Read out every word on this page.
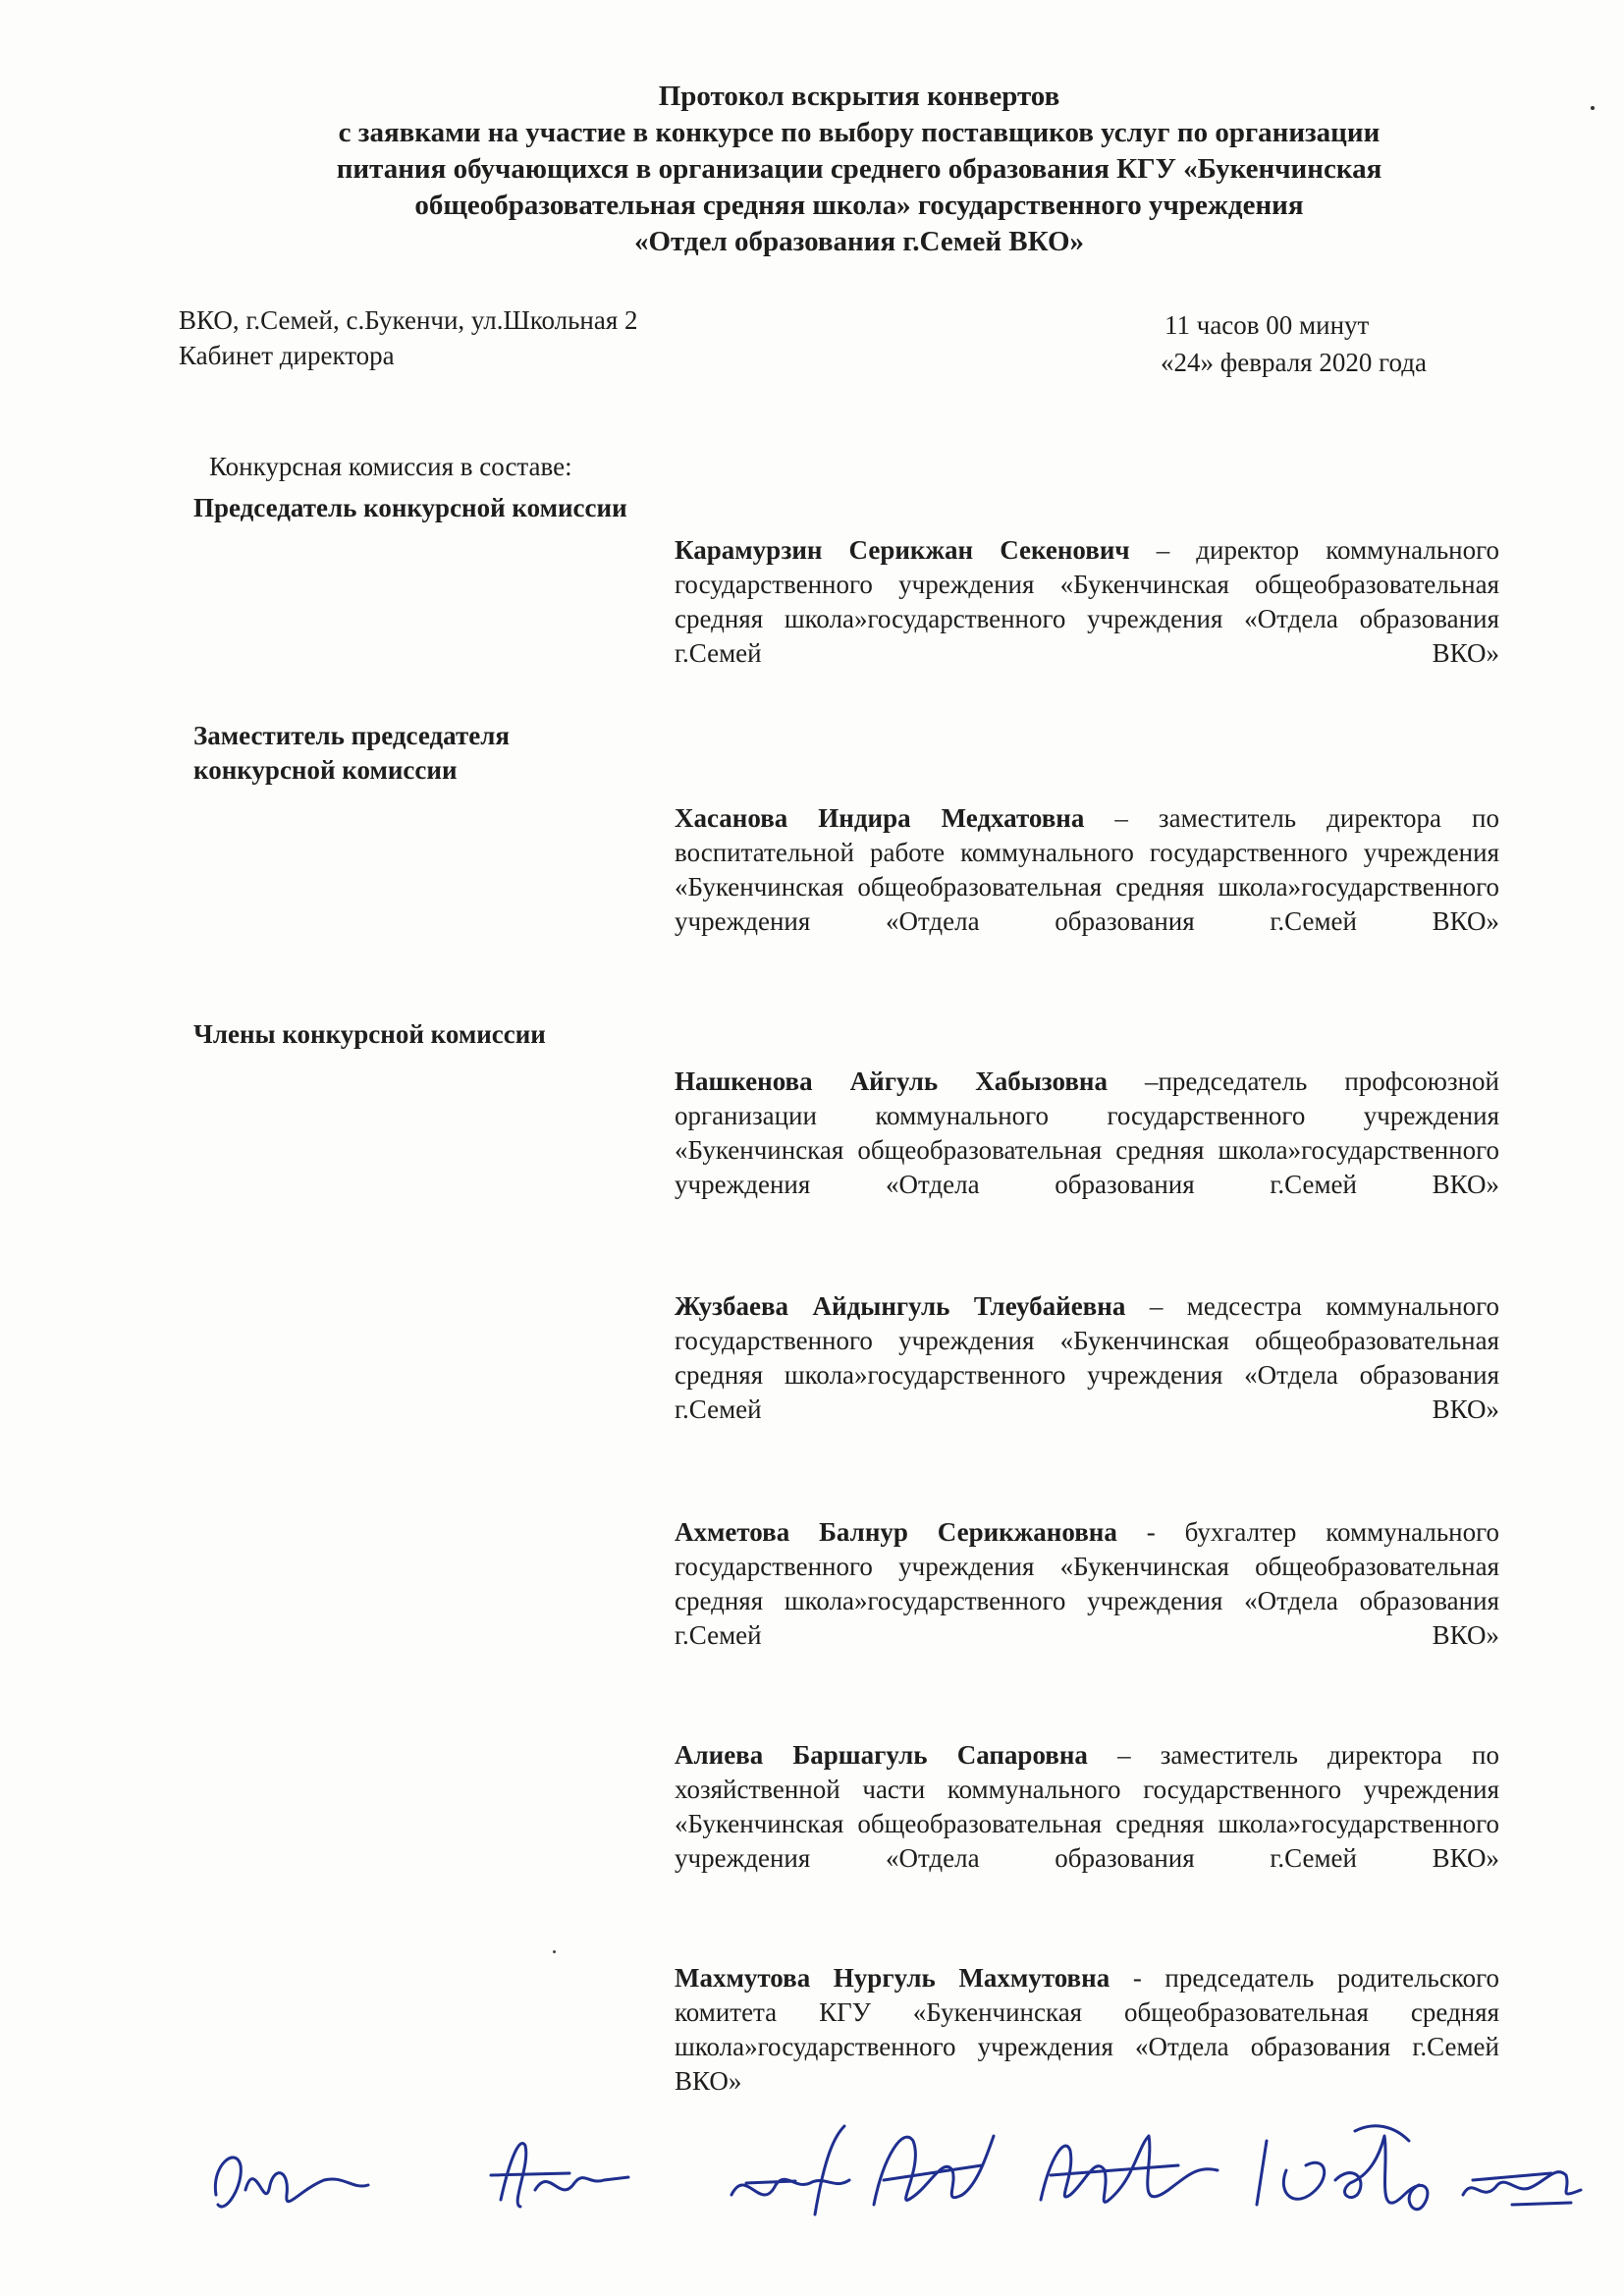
Протокол вскрытия конвертов
с заявками на участие в конкурсе по выбору поставщиков услуг по организации
питания обучающихся в организации среднего образования КГУ «Букенчинская
общеобразовательная средняя школа» государственного учреждения
«Отдел образования г.Семей ВКО»
ВКО, г.Семей, с.Букенчи, ул.Школьная 2
Кабинет директора
11 часов 00 минут
«24» февраля 2020 года
Конкурсная комиссия в составе:
Председатель конкурсной комиссии
Карамурзин Серикжан Секенович – директор коммунального государственного учреждения «Букенчинская общеобразовательная средняя школа»государственного учреждения «Отдела образования г.Семей ВКО»
Заместитель председателя
конкурсной комиссии
Хасанова Индира Медхатовна – заместитель директора по воспитательной работе коммунального государственного учреждения «Букенчинская общеобразовательная средняя школа»государственного учреждения «Отдела образования г.Семей ВКО»
Члены конкурсной комиссии
Нашкенова Айгуль Хабызовна –председатель профсоюзной организации коммунального государственного учреждения «Букенчинская общеобразовательная средняя школа»государственного учреждения «Отдела образования г.Семей ВКО»
Жузбаева Айдынгуль Тлеубайевна – медсестра коммунального государственного учреждения «Букенчинская общеобразовательная средняя школа»государственного учреждения «Отдела образования г.Семей ВКО»
Ахметова Балнур Серикжановна - бухгалтер коммунального государственного учреждения «Букенчинская общеобразовательная средняя школа»государственного учреждения «Отдела образования г.Семей ВКО»
Алиева Баршагуль Сапаровна – заместитель директора по хозяйственной части коммунального государственного учреждения «Букенчинская общеобразовательная средняя школа»государственного учреждения «Отдела образования г.Семей ВКО»
Махмутова Нургуль Махмутовна - председатель родительского комитета КГУ «Букенчинская общеобразовательная средняя школа»государственного учреждения «Отдела образования г.Семей ВКО»
